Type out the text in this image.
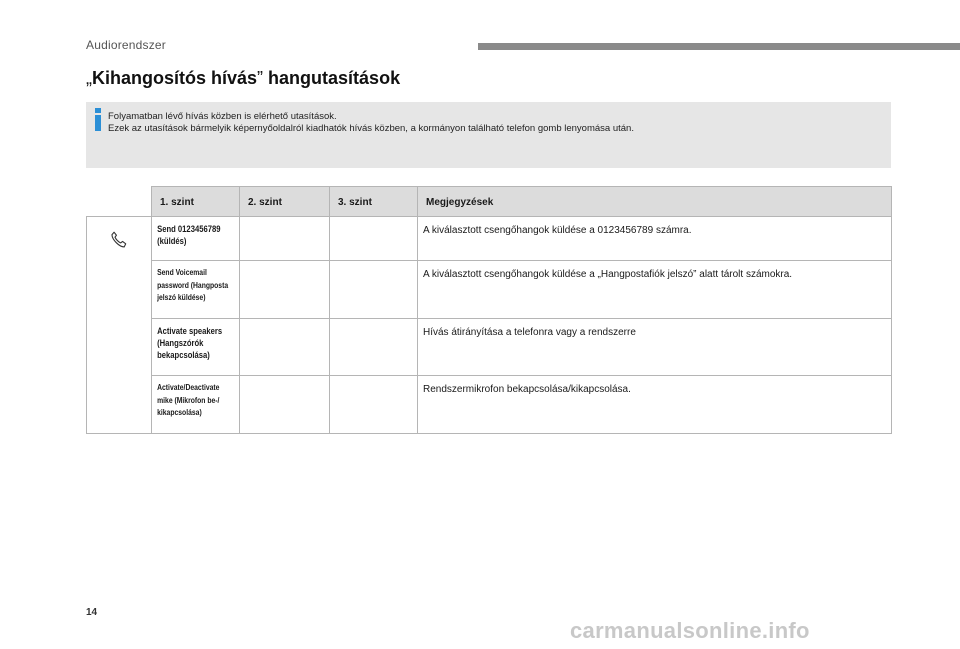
Audiorendszer
„Kihangosítós hívás” hangutasítások
Folyamatban lévő hívás közben is elérhető utasítások.
Ezek az utasítások bármelyik képernyőoldalról kiadhatók hívás közben, a kormányon található telefon gomb lenyomása után.
	1. szint	2. szint	3. szint	Megjegyzések

Send 0123456789
(küldés)			A kiválasztott csengőhangok küldése a 0123456789 számra.

	Send Voicemail
password (Hangposta
jelszó küldése)			A kiválasztott csengőhangok küldése a „Hangpostafiók jelszó” alatt tárolt számokra.

	Activate speakers
(Hangszórók
bekapcsolása)			Hívás átirányítása a telefonra vagy a rendszerre

	Activate/Deactivate
mike (Mikrofon be-/
kikapcsolása)			Rendszermikrofon bekapcsolása/kikapcsolása.
14
carmanualsonline.info
